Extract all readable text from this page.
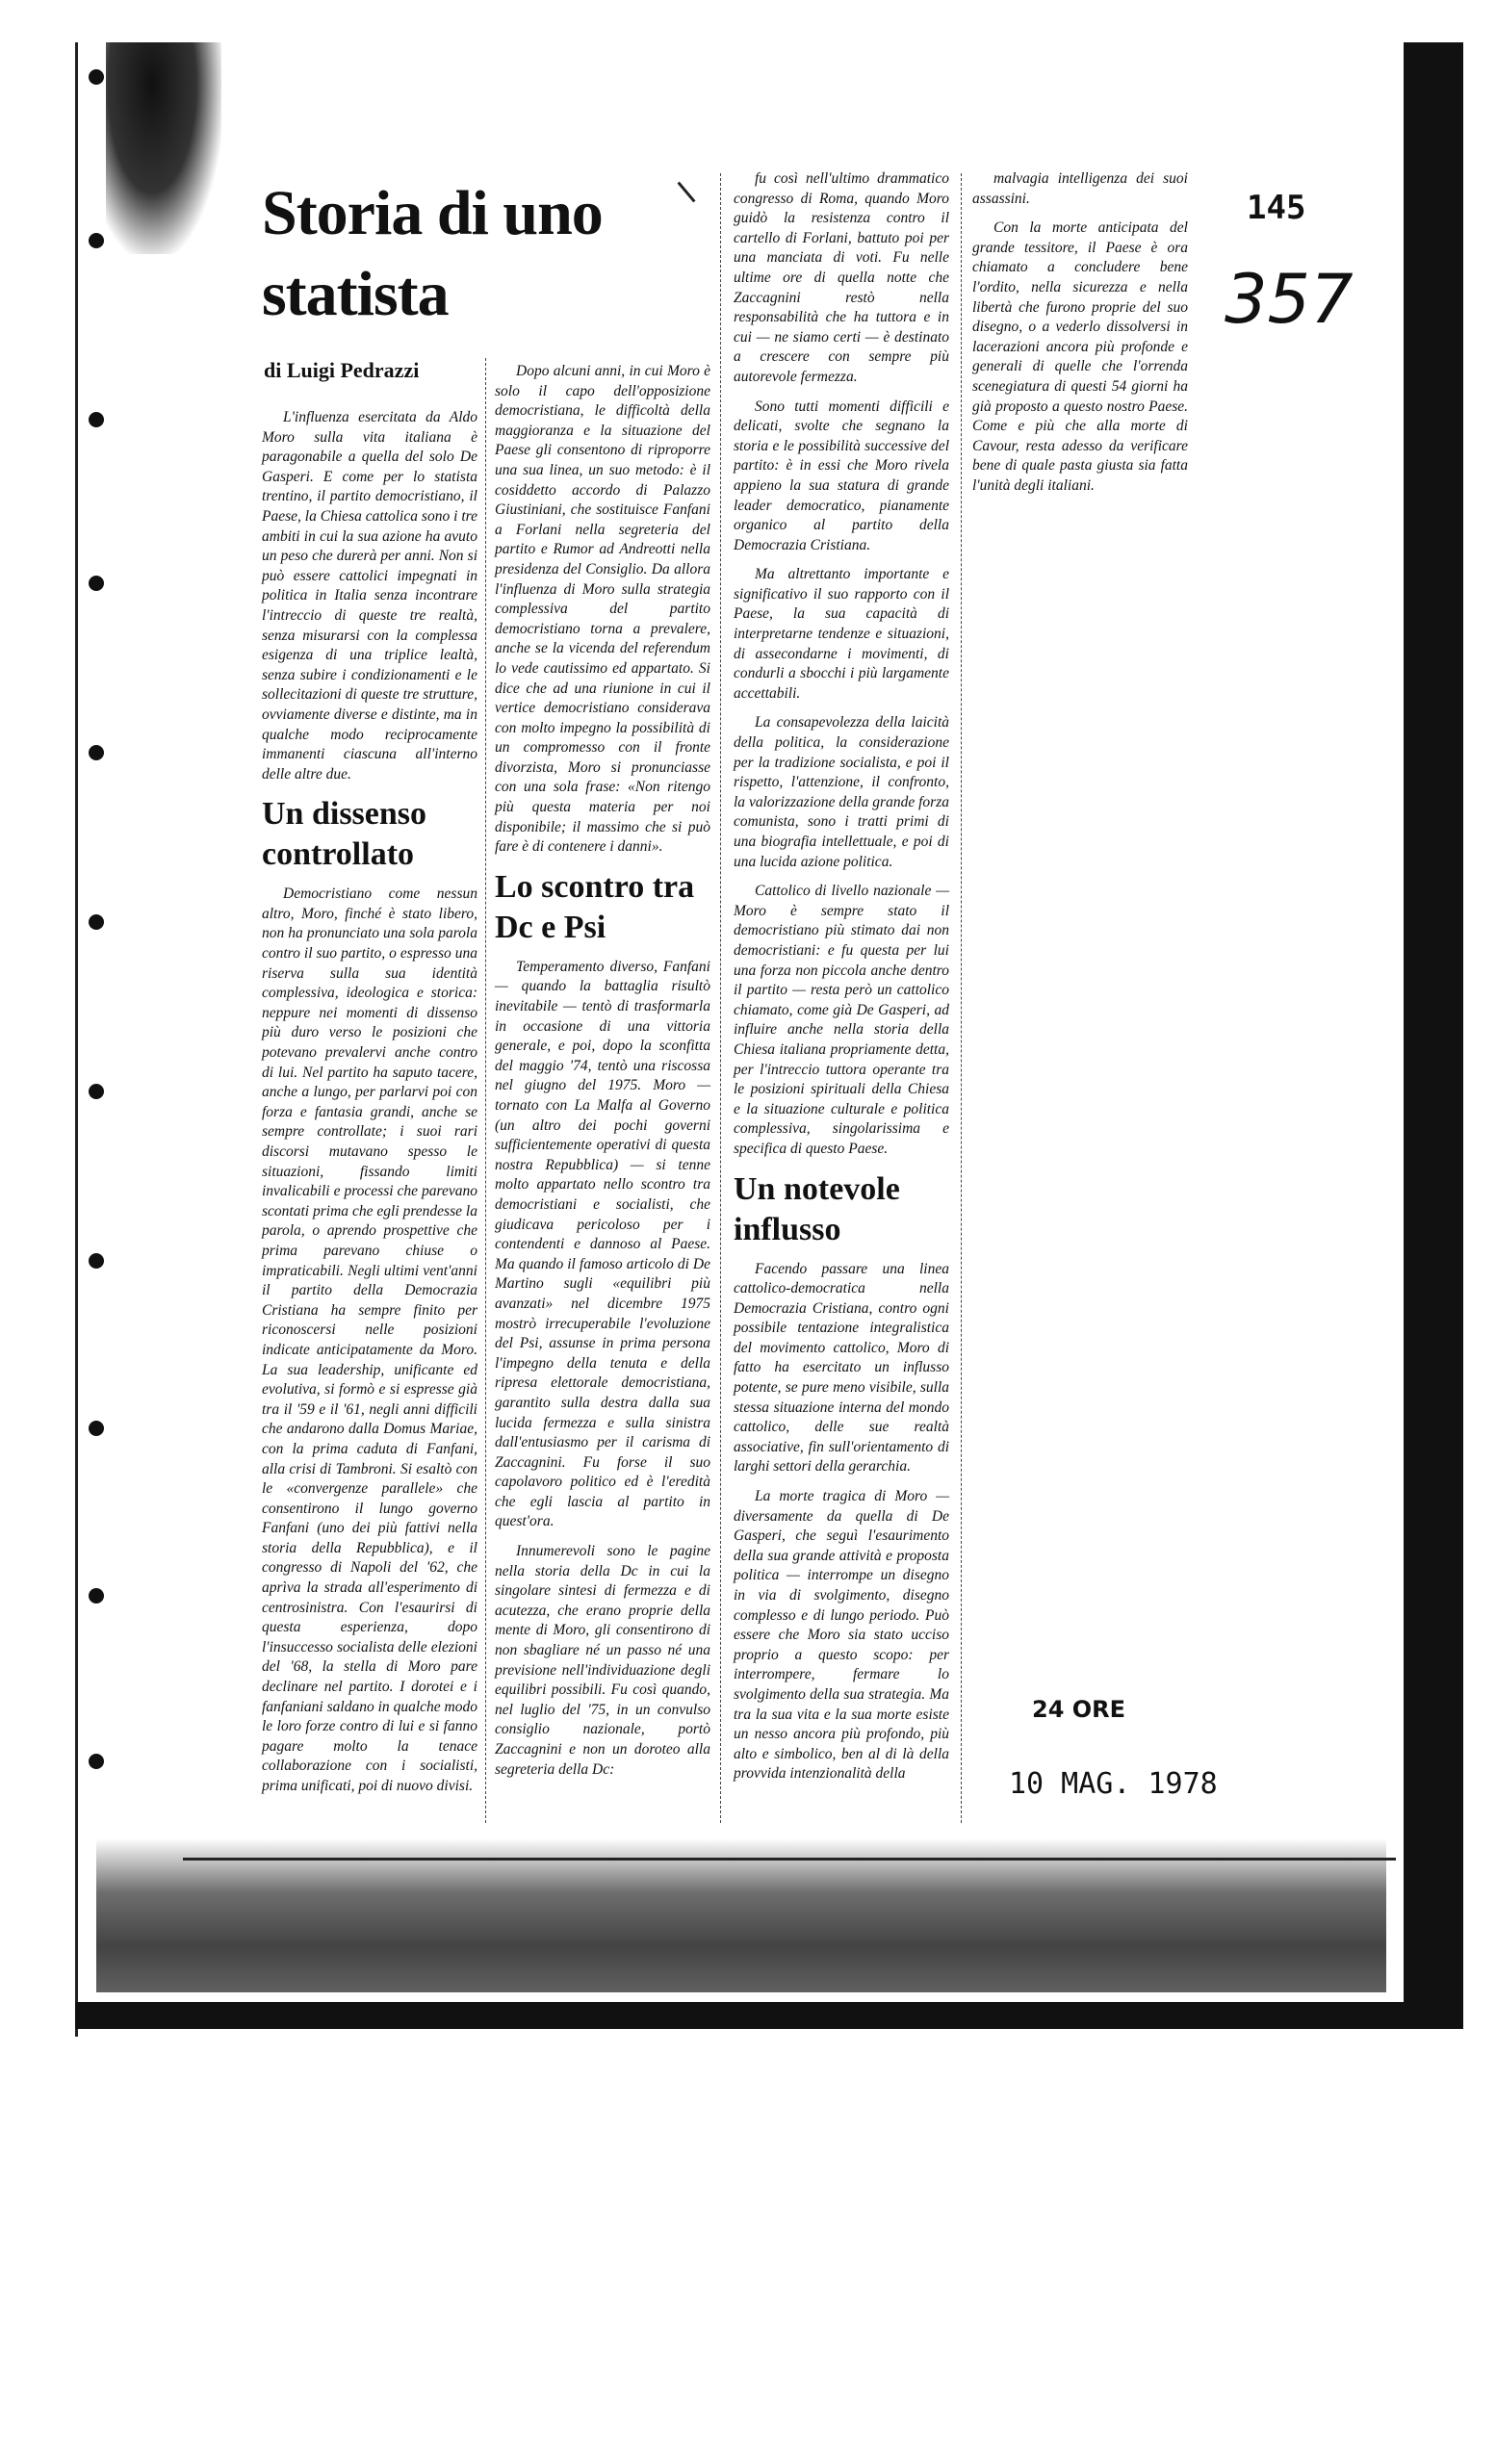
Storia di uno statista

di Luigi Pedrazzi

L'influenza esercitata da Aldo Moro sulla vita italiana è paragonabile a quella del solo De Gasperi. E come per lo statista trentino, il partito democristiano, il Paese, la Chiesa cattolica sono i tre ambiti in cui la sua azione ha avuto un peso che durerà per anni. Non si può essere cattolici impegnati in politica in Italia senza incontrare l'intreccio di queste tre realtà, senza misurarsi con la complessa esigenza di una triplice lealtà, senza subire i condizionamenti e le sollecitazioni di queste tre strutture, ovviamente diverse e distinte, ma in qualche modo reciprocamente immanenti ciascuna all'interno delle altre due.

Un dissenso controllato

Democristiano come nessun altro, Moro, finché è stato libero, non ha pronunciato una sola parola contro il suo partito, o espresso una riserva sulla sua identità complessiva, ideologica e storica: neppure nei momenti di dissenso più duro verso le posizioni che potevano prevalervi anche contro di lui. Nel partito ha saputo tacere, anche a lungo, per parlarvi poi con forza e fantasia grandi, anche se sempre controllate; i suoi rari discorsi mutavano spesso le situazioni, fissando limiti invalicabili e processi che parevano scontati prima che egli prendesse la parola, o aprendo prospettive che prima parevano chiuse o impraticabili. Negli ultimi vent'anni il partito della Democrazia Cristiana ha sempre finito per riconoscersi nelle posizioni indicate anticipatamente da Moro. La sua leadership, unificante ed evolutiva, si formò e si espresse già tra il '59 e il '61, negli anni difficili che andarono dalla Domus Mariae, con la prima caduta di Fanfani, alla crisi di Tambroni. Si esaltò con le «convergenze parallele» che consentirono il lungo governo Fanfani (uno dei più fattivi nella storia della Repubblica), e il congresso di Napoli del '62, che aprìva la strada all'esperimento di centrosinistra. Con l'esaurirsi di questa esperienza, dopo l'insuccesso socialista delle elezioni del '68, la stella di Moro pare declinare nel partito. I dorotei e i fanfaniani saldano in qualche modo le loro forze contro di lui e si fanno pagare molto la tenace collaborazione con i socialisti, prima unificati, poi di nuovo divisi.

Dopo alcuni anni, in cui Moro è solo il capo dell'opposizione democristiana, le difficoltà della maggioranza e la situazione del Paese gli consentono di riproporre una sua linea, un suo metodo: è il cosiddetto accordo di Palazzo Giustiniani, che sostituisce Fanfani a Forlani nella segreteria del partito e Rumor ad Andreotti nella presidenza del Consiglio. Da allora l'influenza di Moro sulla strategia complessiva del partito democristiano torna a prevalere, anche se la vicenda del referendum lo vede cautissimo ed appartato. Si dice che ad una riunione in cui il vertice democristiano considerava con molto impegno la possibilità di un compromesso con il fronte divorzista, Moro si pronunciasse con una sola frase: «Non ritengo più questa materia per noi disponibile; il massimo che si può fare è di contenere i danni».

Lo scontro tra Dc e Psi

Temperamento diverso, Fanfani — quando la battaglia risultò inevitabile — tentò di trasformarla in occasione di una vittoria generale, e poi, dopo la sconfitta del maggio '74, tentò una riscossa nel giugno del 1975. Moro — tornato con La Malfa al Governo (un altro dei pochi governi sufficientemente operativi di questa nostra Repubblica) — si tenne molto appartato nello scontro tra democristiani e socialisti, che giudicava pericoloso per i contendenti e dannoso al Paese. Ma quando il famoso articolo di De Martino sugli «equilibri più avanzati» nel dicembre 1975 mostrò irrecuperabile l'evoluzione del Psi, assunse in prima persona l'impegno della tenuta e della ripresa elettorale democristiana, garantito sulla destra dalla sua lucida fermezza e sulla sinistra dall'entusiasmo per il carisma di Zaccagnini. Fu forse il suo capolavoro politico ed è l'eredità che egli lascia al partito in quest'ora.

Innumerevoli sono le pagine nella storia della Dc in cui la singolare sintesi di fermezza e di acutezza, che erano proprie della mente di Moro, gli consentirono di non sbagliare né un passo né una previsione nell'individuazione degli equilibri possibili. Fu così quando, nel luglio del '75, in un convulso consiglio nazionale, portò Zaccagnini e non un doroteo alla segreteria della Dc:

fu così nell'ultimo drammatico congresso di Roma, quando Moro guidò la resistenza contro il cartello di Forlani, battuto poi per una manciata di voti. Fu nelle ultime ore di quella notte che Zaccagnini restò nella responsabilità che ha tuttora e in cui — ne siamo certi — è destinato a crescere con sempre più autorevole fermezza.

Sono tutti momenti difficili e delicati, svolte che segnano la storia e le possibilità successive del partito: è in essi che Moro rivela appieno la sua statura di grande leader democratico, pianamente organico al partito della Democrazia Cristiana.

Ma altrettanto importante e significativo il suo rapporto con il Paese, la sua capacità di interpretarne tendenze e situazioni, di assecondarne i movimenti, di condurli a sbocchi i più largamente accettabili.

La consapevolezza della laicità della politica, la considerazione per la tradizione socialista, e poi il rispetto, l'attenzione, il confronto, la valorizzazione della grande forza comunista, sono i tratti primi di una biografia intellettuale, e poi di una lucida azione politica.

Cattolico di livello nazionale — Moro è sempre stato il democristiano più stimato dai non democristiani: e fu questa per lui una forza non piccola anche dentro il partito — resta però un cattolico chiamato, come già De Gasperi, ad influire anche nella storia della Chiesa italiana propriamente detta, per l'intreccio tuttora operante tra le posizioni spirituali della Chiesa e la situazione culturale e politica complessiva, singolarissima e specifica di questo Paese.

Un notevole influsso

Facendo passare una linea cattolico-democratica nella Democrazia Cristiana, contro ogni possibile tentazione integralistica del movimento cattolico, Moro di fatto ha esercitato un influsso potente, se pure meno visibile, sulla stessa situazione interna del mondo cattolico, delle sue realtà associative, fin sull'orientamento di larghi settori della gerarchia.

La morte tragica di Moro — diversamente da quella di De Gasperi, che seguì l'esaurimento della sua grande attività e proposta politica — interrompe un disegno in via di svolgimento, disegno complesso e di lungo periodo. Può essere che Moro sia stato ucciso proprio a questo scopo: per interrompere, fermare lo svolgimento della sua strategia. Ma tra la sua vita e la sua morte esiste un nesso ancora più profondo, più alto e simbolico, ben al di là della provvida intenzionalità della

malvagia intelligenza dei suoi assassini.

Con la morte anticipata del grande tessitore, il Paese è ora chiamato a concludere bene l'ordito, nella sicurezza e nella libertà che furono proprie del suo disegno, o a vederlo dissolversi in lacerazioni ancora più profonde e generali di quelle che l'orrenda scenegiatura di questi 54 giorni ha già proposto a questo nostro Paese. Come e più che alla morte di Cavour, resta adesso da verificare bene di quale pasta giusta sia fatta l'unità degli italiani.

145

357

24 ORE

10 MAG. 1978
